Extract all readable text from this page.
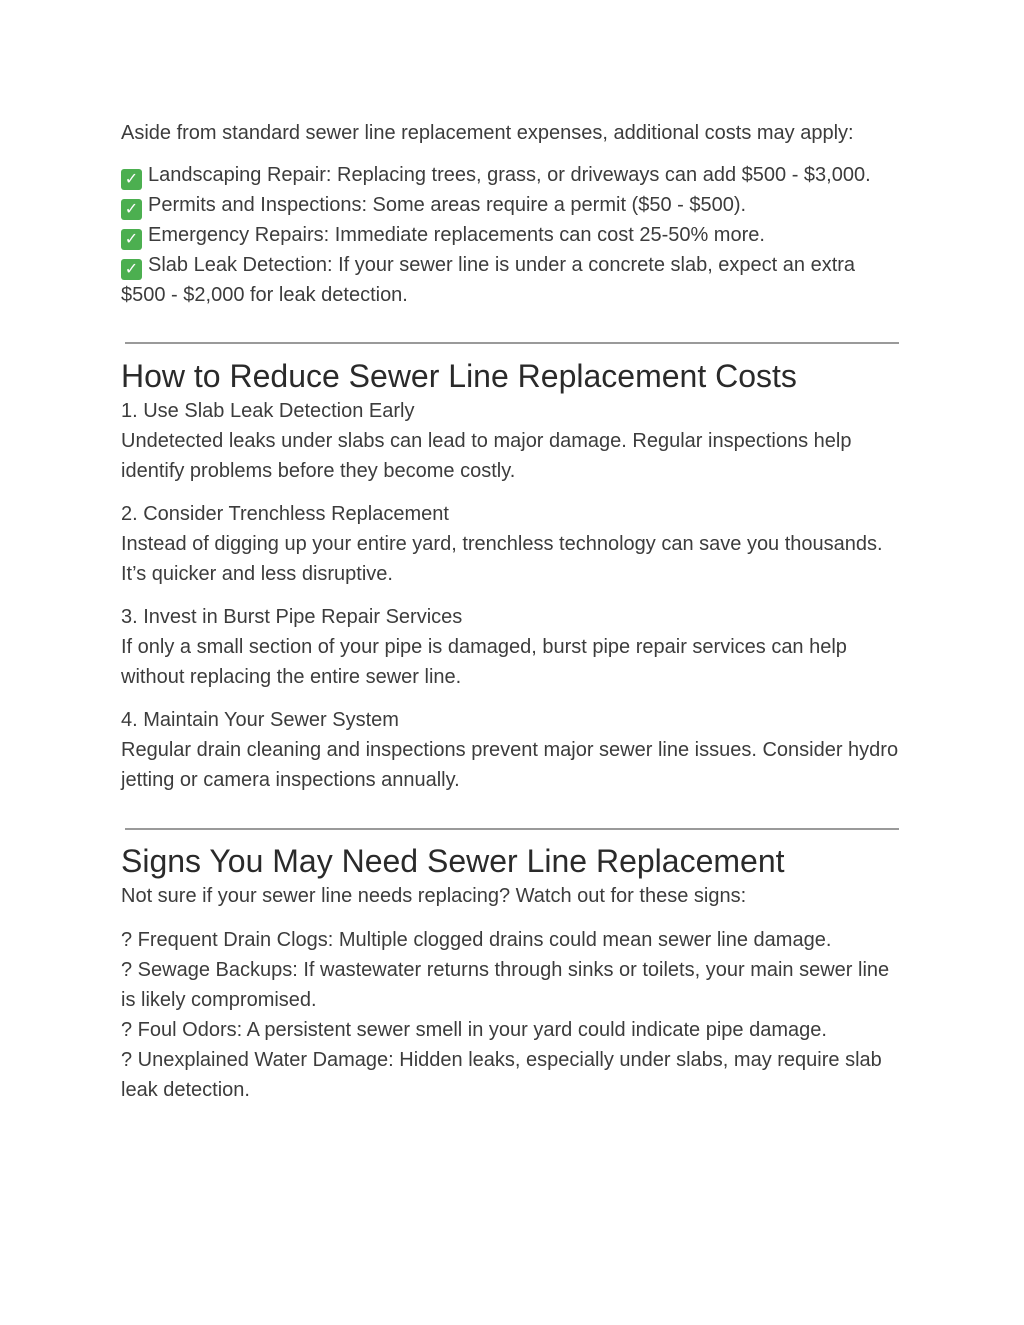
Aside from standard sewer line replacement expenses, additional costs may apply:

✓ Landscaping Repair: Replacing trees, grass, or driveways can add $500 - $3,000.

✓ Permits and Inspections: Some areas require a permit ($50 - $500).

✓ Emergency Repairs: Immediate replacements can cost 25-50% more.

✓ Slab Leak Detection: If your sewer line is under a concrete slab, expect an extra $500 - $2,000 for leak detection.

How to Reduce Sewer Line Replacement Costs

1. Use Slab Leak Detection Early

Undetected leaks under slabs can lead to major damage. Regular inspections help identify problems before they become costly.

2. Consider Trenchless Replacement

Instead of digging up your entire yard, trenchless technology can save you thousands. It’s quicker and less disruptive.

3. Invest in Burst Pipe Repair Services

If only a small section of your pipe is damaged, burst pipe repair services can help without replacing the entire sewer line.

4. Maintain Your Sewer System

Regular drain cleaning and inspections prevent major sewer line issues. Consider hydro jetting or camera inspections annually.

Signs You May Need Sewer Line Replacement

Not sure if your sewer line needs replacing? Watch out for these signs:

? Frequent Drain Clogs: Multiple clogged drains could mean sewer line damage.

? Sewage Backups: If wastewater returns through sinks or toilets, your main sewer line is likely compromised.

? Foul Odors: A persistent sewer smell in your yard could indicate pipe damage.

? Unexplained Water Damage: Hidden leaks, especially under slabs, may require slab leak detection.
